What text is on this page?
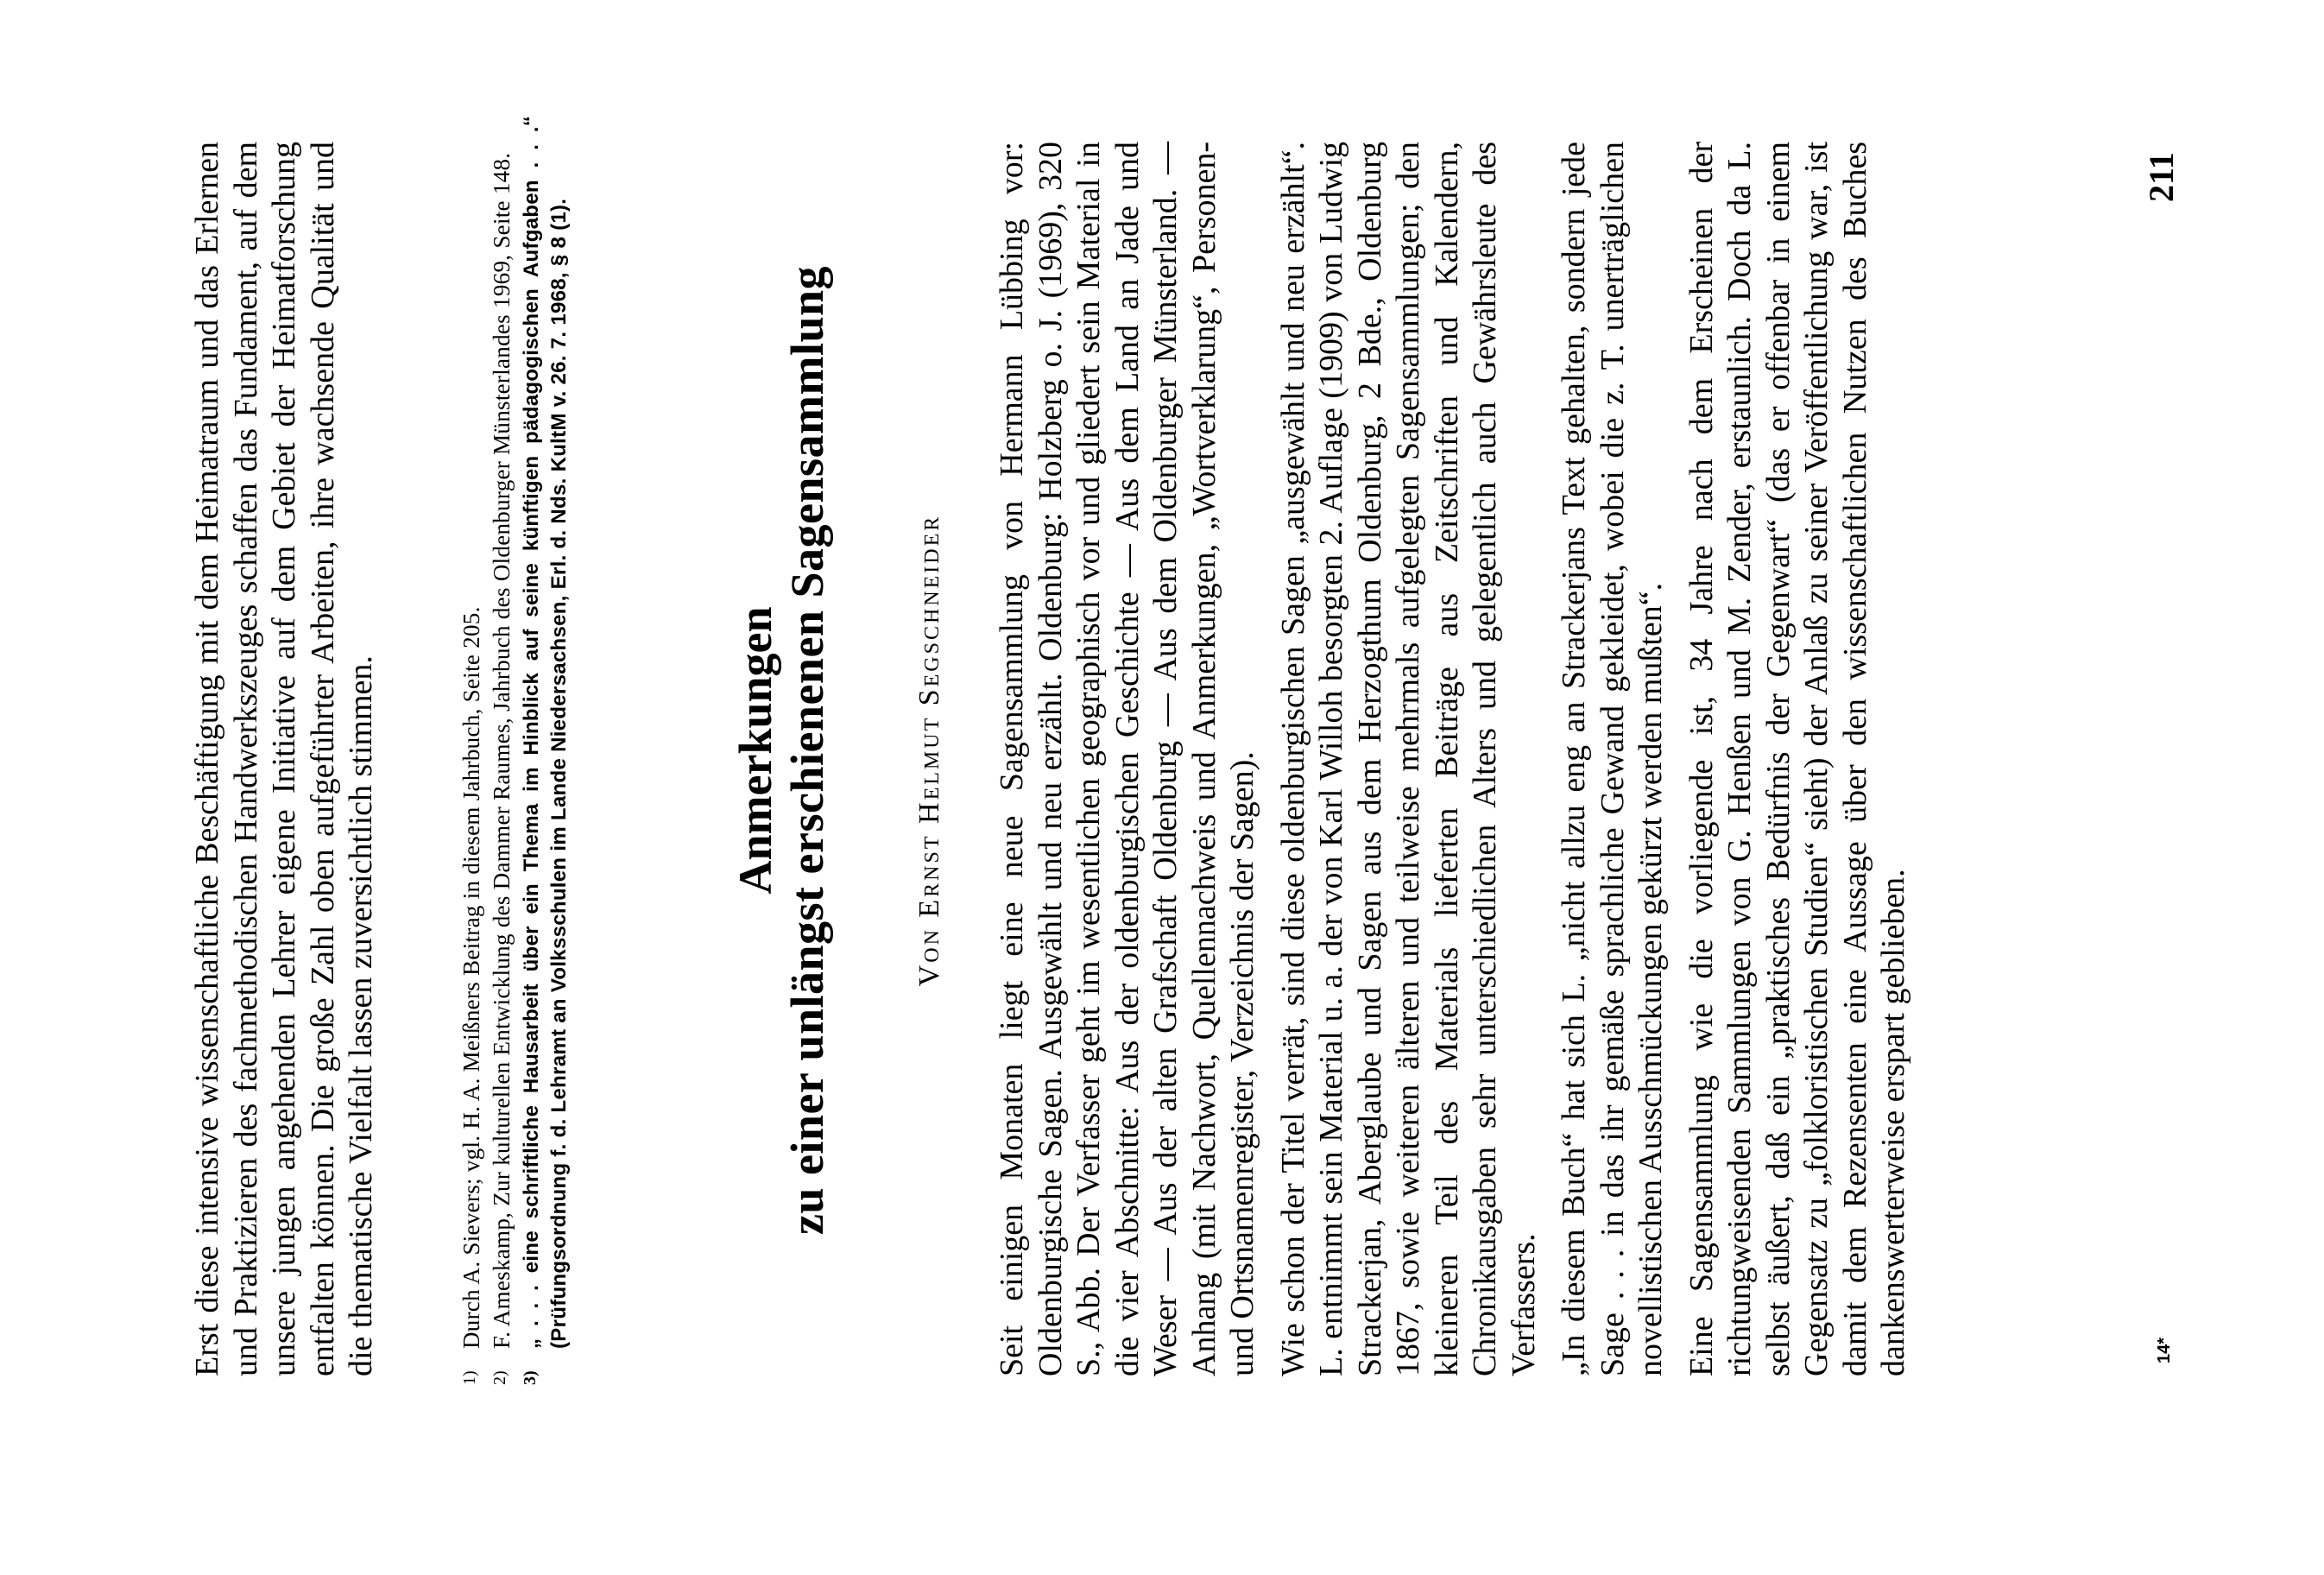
Erst diese intensive wissenschaftliche Beschäftigung mit dem Heimatraum und das Erlernen und Praktizieren des fachmethodischen Handwerkszeuges schaffen das Fundament, auf dem unsere jungen angehenden Lehrer eigene Initiative auf dem Gebiet der Heimatforschung entfalten können. Die große Zahl oben aufgeführter Arbeiten, ihre wachsende Qualität und die thematische Vielfalt lassen zuversichtlich stimmen.

1)
Durch A. Sievers; vgl. H. A. Meißners Beitrag in diesem Jahrbuch, Seite 205.
2)
F. Ameskamp, Zur kulturellen Entwicklung des Dammer Raumes, Jahrbuch des Oldenburger Münsterlandes 1969, Seite 148.
3)
„ . . . eine schriftliche Hausarbeit über ein Thema im Hinblick auf seine künftigen pädagogischen Aufgaben . . .“ (Prüfungsordnung f. d. Lehramt an Volksschulen im Lande Niedersachsen, Erl. d. Nds. KultM v. 26. 7. 1968, § 8 (1).	Anmerkungen zu einer unlängst erschienenen Sagensammlung	Von Ernst Helmut Segschneider Seit einigen Monaten liegt eine neue Sagensammlung von Hermann Lübbing vor: Oldenburgische Sagen. Ausgewählt und neu erzählt. Oldenburg: Holzberg o. J. (1969), 320 S., Abb. Der Verfasser geht im wesentlichen geographisch vor und gliedert sein Material in die vier Abschnitte: Aus der oldenburgischen Geschichte — Aus dem Land an Jade und Weser — Aus der alten Grafschaft Oldenburg — Aus dem Oldenburger Münsterland. — Anhang (mit Nachwort, Quellennachweis und Anmerkungen, „Wortverklarung“, Personen- und Ortsnamenregister, Verzeichnis der Sagen). Wie schon der Titel verrät, sind diese oldenburgischen Sagen „ausgewählt und neu erzählt“. L. entnimmt sein Material u. a. der von Karl Willoh besorgten 2. Auflage (1909) von Ludwig Strackerjan, Aberglaube und Sagen aus dem Herzogthum Oldenburg, 2 Bde., Oldenburg 1867, sowie weiteren älteren und teilweise mehrmals aufgelegten Sagensammlungen; den kleineren Teil des Materials lieferten Beiträge aus Zeitschriften und Kalendern, Chronikausgaben sehr unterschiedlichen Alters und gelegentlich auch Gewährsleute des Verfassers. „In diesem Buch“ hat sich L. „nicht allzu eng an Strackerjans Text gehalten, sondern jede Sage . . . in das ihr gemäße sprachliche Gewand gekleidet, wobei die z. T. unerträglichen novellistischen Ausschmückungen gekürzt werden mußten“. Eine Sagensammlung wie die vorliegende ist, 34 Jahre nach dem Erscheinen der richtungweisenden Sammlungen von G. Henßen und M. Zender, erstaunlich. Doch da L. selbst äußert, daß ein „praktisches Bedürfnis der Gegenwart“ (das er offenbar in einem Gegensatz zu „folkloristischen Studien“ sieht) der Anlaß zu seiner Veröffentlichung war, ist damit dem Rezensenten eine Aussage über den wissenschaftlichen Nutzen des Buches dankenswerterweise erspart geblieben.	14*
211
